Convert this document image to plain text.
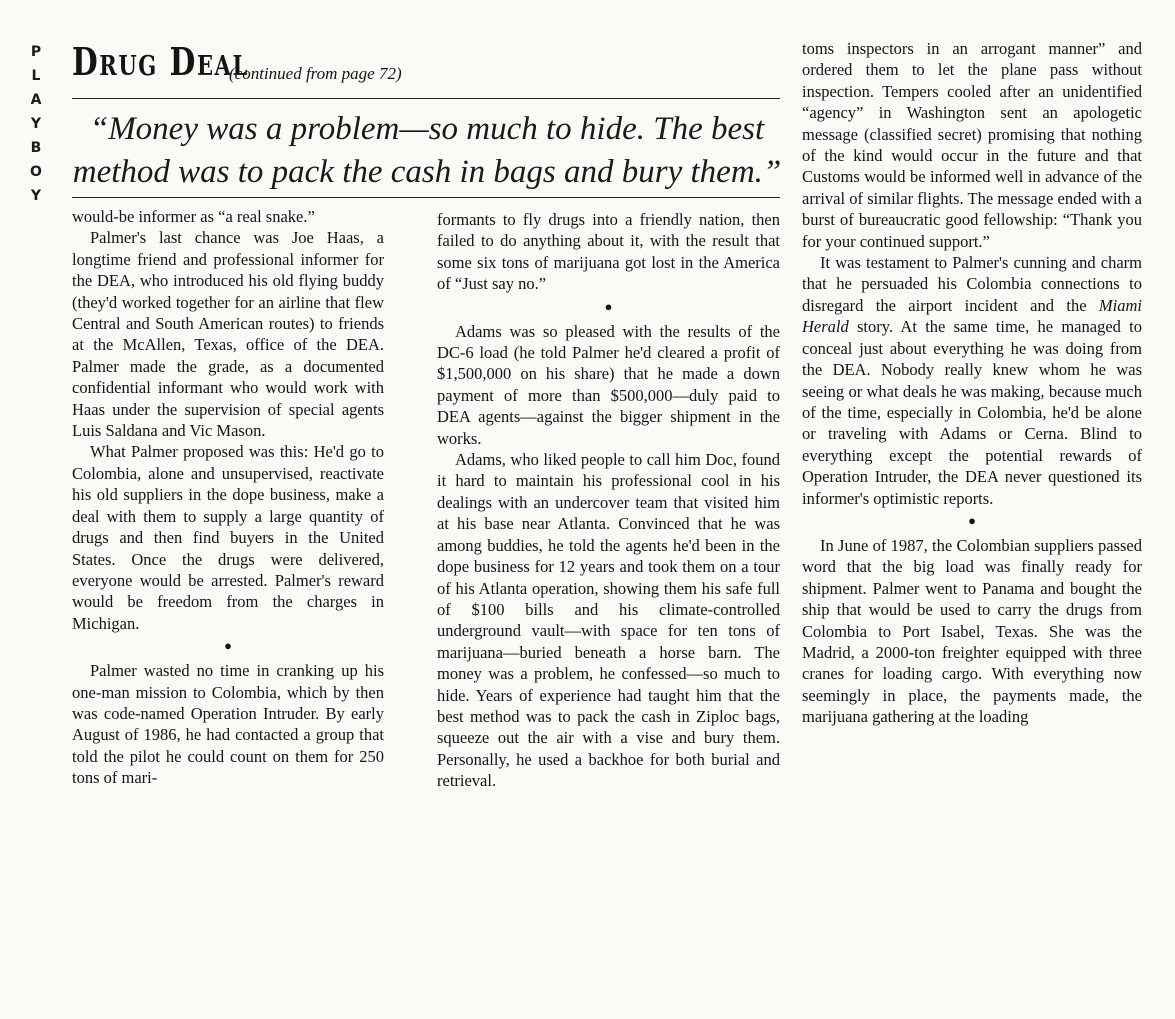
P
L
A
Y
B
O
Y
Drug Deal
(continued from page 72)
“Money was a problem—so much to hide. The best method was to pack the cash in bags and bury them.”

would-be informer as “a real snake.”

Palmer's last chance was Joe Haas, a longtime friend and professional informer for the DEA, who introduced his old flying buddy (they'd worked together for an airline that flew Central and South American routes) to friends at the McAllen, Texas, office of the DEA. Palmer made the grade, as a documented confidential informant who would work with Haas under the supervision of special agents Luis Saldana and Vic Mason.

What Palmer proposed was this: He'd go to Colombia, alone and unsupervised, reactivate his old suppliers in the dope business, make a deal with them to supply a large quantity of drugs and then find buyers in the United States. Once the drugs were delivered, everyone would be arrested. Palmer's reward would be freedom from the charges in Michigan.

●

Palmer wasted no time in cranking up his one-man mission to Colombia, which by then was code-named Operation Intruder. By early August of 1986, he had contacted a group that told the pilot he could count on them for 250 tons of mari-

formants to fly drugs into a friendly nation, then failed to do anything about it, with the result that some six tons of marijuana got lost in the America of “Just say no.”

●

Adams was so pleased with the results of the DC-6 load (he told Palmer he'd cleared a profit of $1,500,000 on his share) that he made a down payment of more than $500,000—duly paid to DEA agents—against the bigger shipment in the works.

Adams, who liked people to call him Doc, found it hard to maintain his professional cool in his dealings with an undercover team that visited him at his base near Atlanta. Convinced that he was among buddies, he told the agents he'd been in the dope business for 12 years and took them on a tour of his Atlanta operation, showing them his safe full of $100 bills and his climate-controlled underground vault—with space for ten tons of marijuana—buried beneath a horse barn. The money was a problem, he confessed—so much to hide. Years of experience had taught him that the best method was to pack the cash in Ziploc bags, squeeze out the air with a vise and bury them. Personally, he used a backhoe for both burial and retrieval.

toms inspectors in an arrogant manner” and ordered them to let the plane pass without inspection. Tempers cooled after an unidentified “agency” in Washington sent an apologetic message (classified secret) promising that nothing of the kind would occur in the future and that Customs would be informed well in advance of the arrival of similar flights. The message ended with a burst of bureaucratic good fellowship: “Thank you for your continued support.”

It was testament to Palmer's cunning and charm that he persuaded his Colombia connections to disregard the airport incident and the Miami Herald story. At the same time, he managed to conceal just about everything he was doing from the DEA. Nobody really knew whom he was seeing or what deals he was making, because much of the time, especially in Colombia, he'd be alone or traveling with Adams or Cerna. Blind to everything except the potential rewards of Operation Intruder, the DEA never questioned its informer's optimistic reports.

●

In June of 1987, the Colombian suppliers passed word that the big load was finally ready for shipment. Palmer went to Panama and bought the ship that would be used to carry the drugs from Colombia to Port Isabel, Texas. She was the Madrid, a 2000-ton freighter equipped with three cranes for loading cargo. With everything now seemingly in place, the payments made, the marijuana gathering at the loading
